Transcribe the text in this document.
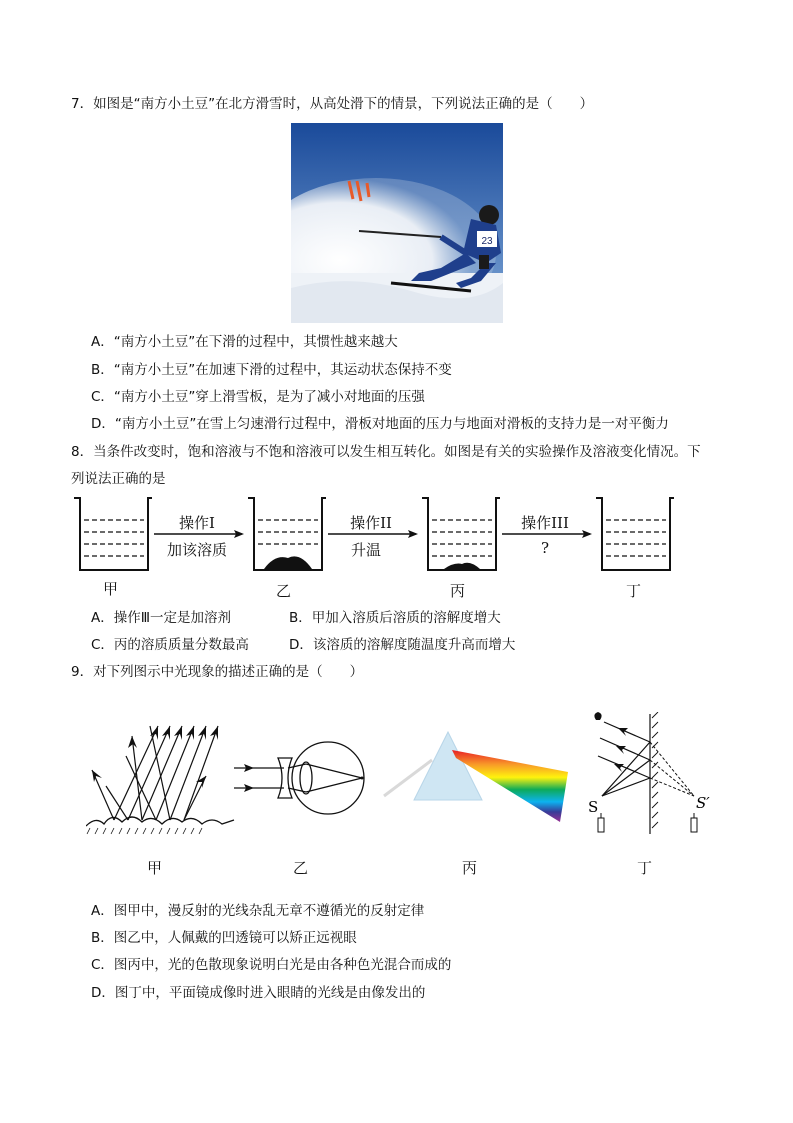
7．如图是“南方小土豆”在北方滑雪时，从高处滑下的情景，下列说法正确的是（　　）
23
A．“南方小土豆”在下滑的过程中，其惯性越来越大
B．“南方小土豆”在加速下滑的过程中，其运动状态保持不变
C．“南方小土豆”穿上滑雪板，是为了减小对地面的压强
D．“南方小土豆”在雪上匀速滑行过程中，滑板对地面的压力与地面对滑板的支持力是一对平衡力
8．当条件改变时，饱和溶液与不饱和溶液可以发生相互转化。如图是有关的实验操作及溶液变化情况。下
列说法正确的是
操作I
加该溶质
操作II
升温
操作III
?
甲	乙	丙	丁
A．操作Ⅲ一定是加溶剂	B．甲加入溶质后溶质的溶解度增大
C．丙的溶质质量分数最高	D．该溶质的溶解度随温度升高而增大
9．对下列图示中光现象的描述正确的是（　　）
S	S′
甲	乙	丙	丁
A．图甲中，漫反射的光线杂乱无章不遵循光的反射定律
B．图乙中，人佩戴的凹透镜可以矫正远视眼
C．图丙中，光的色散现象说明白光是由各种色光混合而成的
D．图丁中，平面镜成像时进入眼睛的光线是由像发出的
